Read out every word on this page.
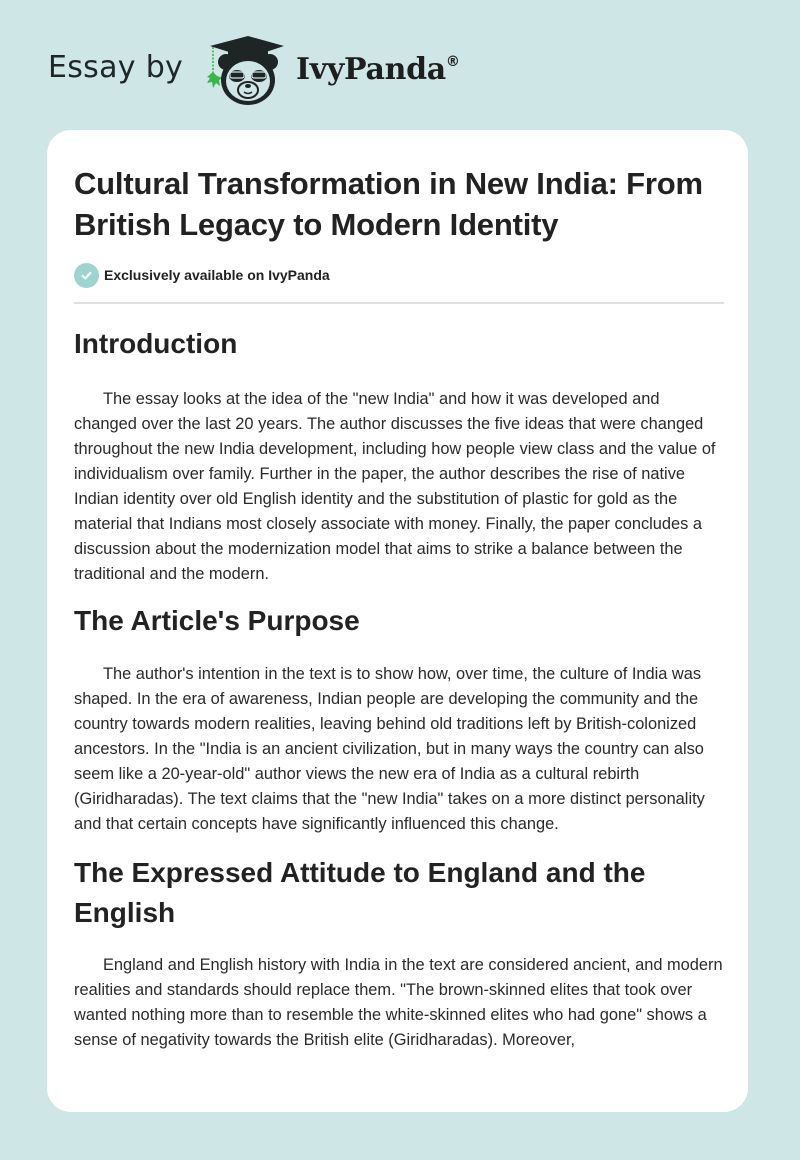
Essay by	IvyPanda®
Cultural Transformation in New India: From British Legacy to Modern Identity
Exclusively available on IvyPanda
Introduction

The essay looks at the idea of the "new India" and how it was developed and changed over the last 20 years. The author discusses the five ideas that were changed throughout the new India development, including how people view class and the value of individualism over family. Further in the paper, the author describes the rise of native Indian identity over old English identity and the substitution of plastic for gold as the material that Indians most closely associate with money. Finally, the paper concludes a discussion about the modernization model that aims to strike a balance between the traditional and the modern.

The Article's Purpose

The author's intention in the text is to show how, over time, the culture of India was shaped. In the era of awareness, Indian people are developing the community and the country towards modern realities, leaving behind old traditions left by British-colonized ancestors. In the "India is an ancient civilization, but in many ways the country can also seem like a 20-year-old" author views the new era of India as a cultural rebirth (Giridharadas). The text claims that the "new India" takes on a more distinct personality and that certain concepts have significantly influenced this change.

The Expressed Attitude to England and the English

England and English history with India in the text are considered ancient, and modern realities and standards should replace them. "The brown-skinned elites that took over wanted nothing more than to resemble the white-skinned elites who had gone" shows a sense of negativity towards the British elite (Giridharadas). Moreover,
